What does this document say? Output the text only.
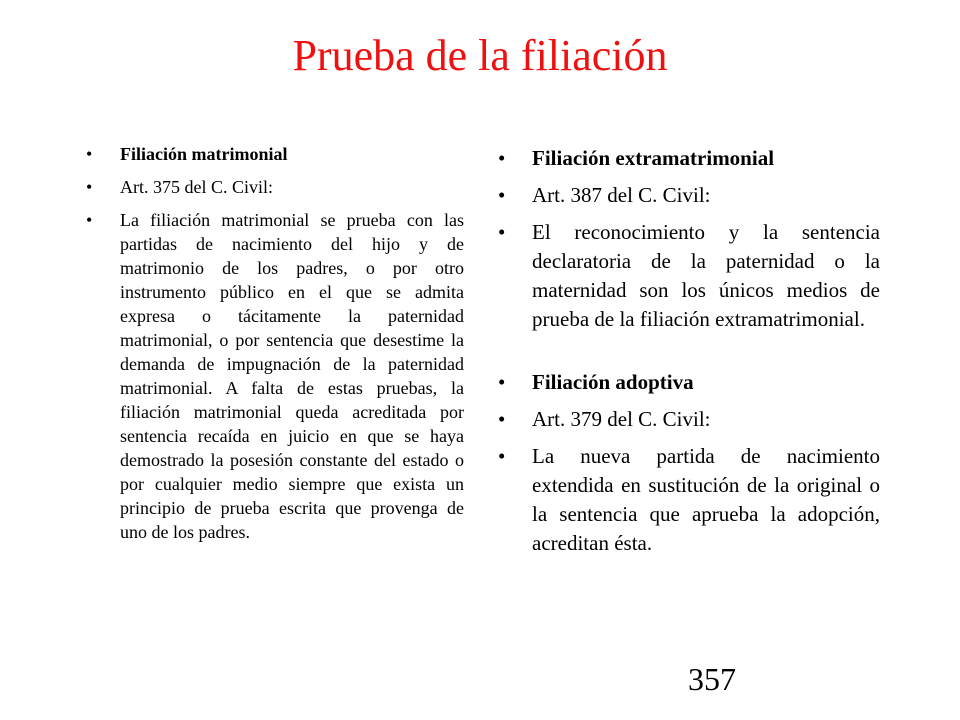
Prueba de la filiación
• Filiación matrimonial
• Art. 375 del C. Civil:
• La filiación matrimonial se prueba con las partidas de nacimiento del hijo y de matrimonio de los padres, o por otro instrumento público en el que se admita expresa o tácitamente la paternidad matrimonial, o por sentencia que desestime la demanda de impugnación de la paternidad matrimonial. A falta de estas pruebas, la filiación matrimonial queda acreditada por sentencia recaída en juicio en que se haya demostrado la posesión constante del estado o por cualquier medio siempre que exista un principio de prueba escrita que provenga de uno de los padres.
• Filiación extramatrimonial
• Art. 387 del C. Civil:
• El reconocimiento y la sentencia declaratoria de la paternidad o la maternidad son los únicos medios de prueba de la filiación extramatrimonial.
• Filiación adoptiva
• Art. 379 del C. Civil:
• La nueva partida de nacimiento extendida en sustitución de la original o la sentencia que aprueba la adopción, acreditan ésta.
357
